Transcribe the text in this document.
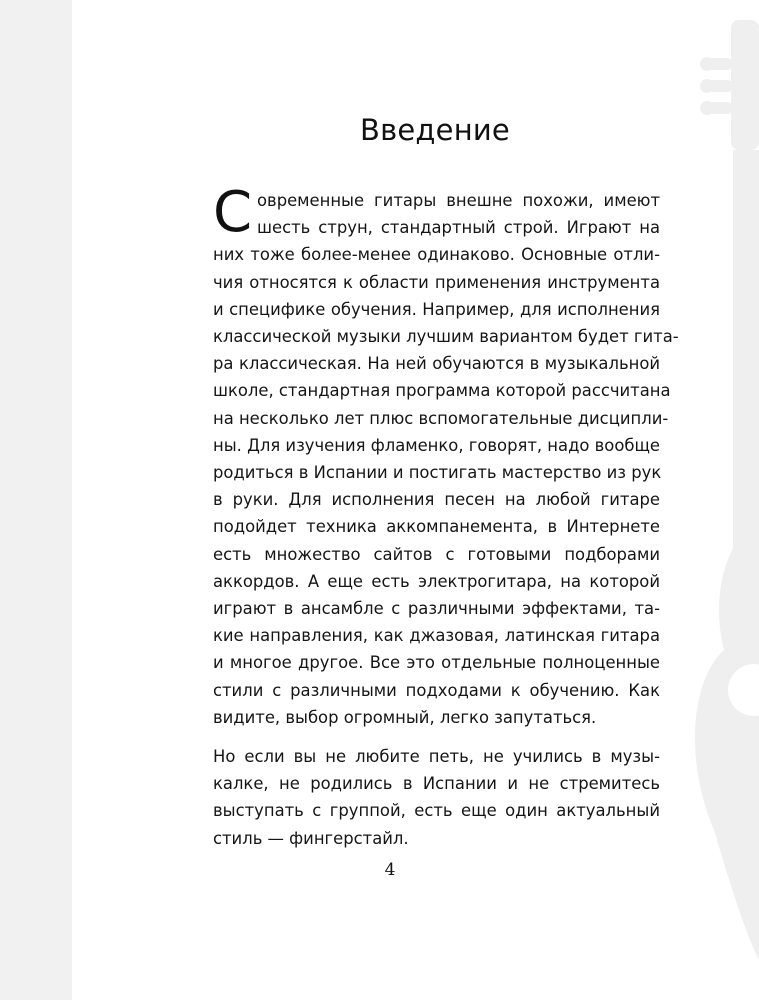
Введение
С овременные гитары внешне похожи, имеют
шесть струн, стандартный строй. Играют на
них тоже более-менее одинаково. Основные отли-
чия относятся к области применения инструмента
и специфике обучения. Например, для исполнения
классической музыки лучшим вариантом будет гита-
ра классическая. На ней обучаются в музыкальной
школе, стандартная программа которой рассчитана
на несколько лет плюс вспомогательные дисципли-
ны. Для изучения фламенко, говорят, надо вообще
родиться в Испании и постигать мастерство из рук
в руки. Для исполнения песен на любой гитаре
подойдет техника аккомпанемента, в Интернете
есть множество сайтов с готовыми подборами
аккордов. А еще есть электрогитара, на которой
играют в ансамбле с различными эффектами, та-
кие направления, как джазовая, латинская гитара
и многое другое. Все это отдельные полноценные
стили с различными подходами к обучению. Как
видите, выбор огромный, легко запутаться.
Но если вы не любите петь, не учились в музы-
калке, не родились в Испании и не стремитесь
выступать с группой, есть еще один актуальный
стиль — фингерстайл.
4
